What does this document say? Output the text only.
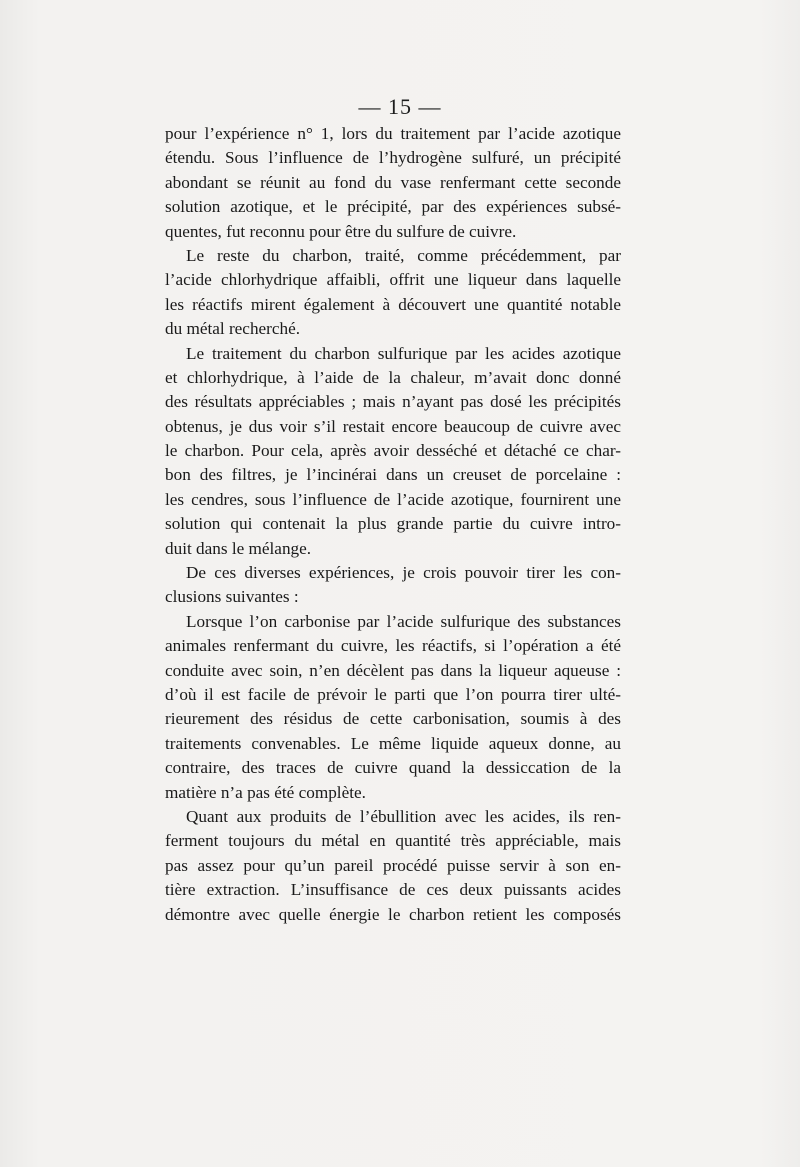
— 15 —
pour l’expérience n° 1, lors du traitement par l’acide azotique
étendu. Sous l’influence de l’hydrogène sulfuré, un précipité
abondant se réunit au fond du vase renfermant cette seconde
solution azotique, et le précipité, par des expériences subsé-
quentes, fut reconnu pour être du sulfure de cuivre.
Le reste du charbon, traité, comme précédemment, par
l’acide chlorhydrique affaibli, offrit une liqueur dans laquelle
les réactifs mirent également à découvert une quantité notable
du métal recherché.
Le traitement du charbon sulfurique par les acides azotique
et chlorhydrique, à l’aide de la chaleur, m’avait donc donné
des résultats appréciables ; mais n’ayant pas dosé les précipités
obtenus, je dus voir s’il restait encore beaucoup de cuivre avec
le charbon. Pour cela, après avoir desséché et détaché ce char-
bon des filtres, je l’incinérai dans un creuset de porcelaine :
les cendres, sous l’influence de l’acide azotique, fournirent une
solution qui contenait la plus grande partie du cuivre intro-
duit dans le mélange.
De ces diverses expériences, je crois pouvoir tirer les con-
clusions suivantes :
Lorsque l’on carbonise par l’acide sulfurique des substances
animales renfermant du cuivre, les réactifs, si l’opération a été
conduite avec soin, n’en décèlent pas dans la liqueur aqueuse :
d’où il est facile de prévoir le parti que l’on pourra tirer ulté-
rieurement des résidus de cette carbonisation, soumis à des
traitements convenables. Le même liquide aqueux donne, au
contraire, des traces de cuivre quand la dessiccation de la
matière n’a pas été complète.
Quant aux produits de l’ébullition avec les acides, ils ren-
ferment toujours du métal en quantité très appréciable, mais
pas assez pour qu’un pareil procédé puisse servir à son en-
tière extraction. L’insuffisance de ces deux puissants acides
démontre avec quelle énergie le charbon retient les composés
